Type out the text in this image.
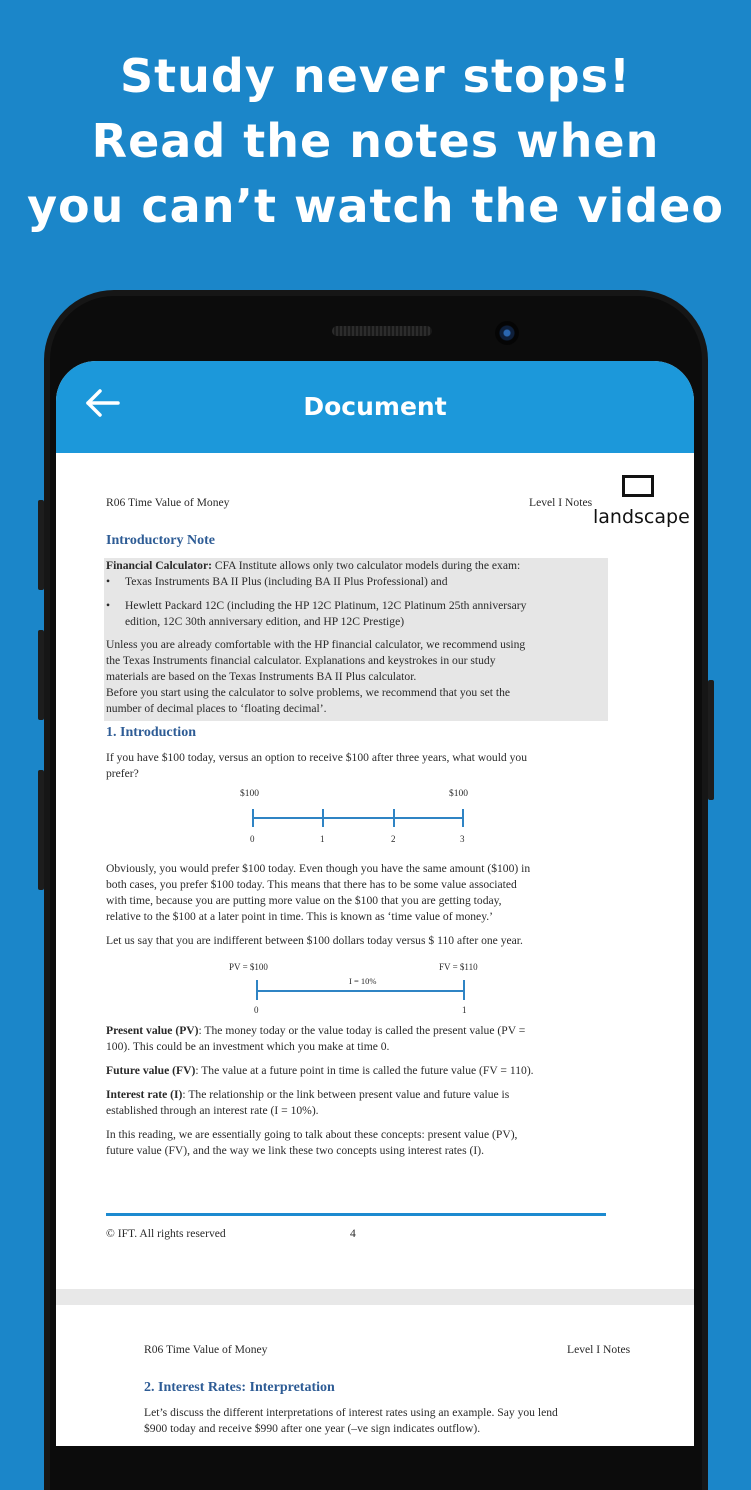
Study never stops!
Read the notes when
you can’t watch the video
Document
landscape
R06 Time Value of Money	Level I Notes
Introductory Note
Financial Calculator: CFA Institute allows only two calculator models during the exam:
• Texas Instruments BA II Plus (including BA II Plus Professional) and
• Hewlett Packard 12C (including the HP 12C Platinum, 12C Platinum 25th anniversary
edition, 12C 30th anniversary edition, and HP 12C Prestige)
Unless you are already comfortable with the HP financial calculator, we recommend using
the Texas Instruments financial calculator. Explanations and keystrokes in our study
materials are based on the Texas Instruments BA II Plus calculator.
Before you start using the calculator to solve problems, we recommend that you set the
number of decimal places to ‘floating decimal’.
1. Introduction
If you have $100 today, versus an option to receive $100 after three years, what would you
prefer?
$100	$100
0	1	2	3
Obviously, you would prefer $100 today. Even though you have the same amount ($100) in
both cases, you prefer $100 today. This means that there has to be some value associated
with time, because you are putting more value on the $100 that you are getting today,
relative to the $100 at a later point in time. This is known as ‘time value of money.’
Let us say that you are indifferent between $100 dollars today versus $ 110 after one year.
PV = $100	FV = $110
I = 10%
0	1
Present value (PV): The money today or the value today is called the present value (PV =
100). This could be an investment which you make at time 0.
Future value (FV): The value at a future point in time is called the future value (FV = 110).
Interest rate (I): The relationship or the link between present value and future value is
established through an interest rate (I = 10%).
In this reading, we are essentially going to talk about these concepts: present value (PV),
future value (FV), and the way we link these two concepts using interest rates (I).
© IFT. All rights reserved	4
R06 Time Value of Money	Level I Notes
2. Interest Rates: Interpretation
Let’s discuss the different interpretations of interest rates using an example. Say you lend
$900 today and receive $990 after one year (–ve sign indicates outflow).
